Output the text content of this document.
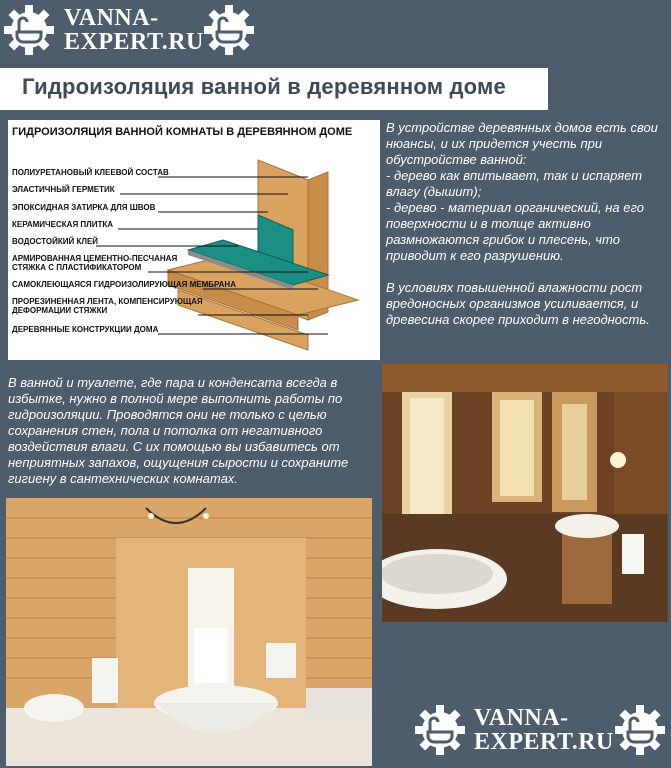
VANNA-
EXPERT.RU
Гидроизоляция ванной в деревянном доме
ГИДРОИЗОЛЯЦИЯ ВАННОЙ КОМНАТЫ В ДЕРЕВЯННОМ ДОМЕ
ПОЛИУРЕТАНОВЫЙ КЛЕЕВОЙ СОСТАВ
ЭЛАСТИЧНЫЙ ГЕРМЕТИК
ЭПОКСИДНАЯ ЗАТИРКА ДЛЯ ШВОВ
КЕРАМИЧЕСКАЯ ПЛИТКА
ВОДОСТОЙКИЙ КЛЕЙ
АРМИРОВАННАЯ ЦЕМЕНТНО-ПЕСЧАНАЯ
СТЯЖКА С ПЛАСТИФИКАТОРОМ
САМОКЛЕЮЩАЯСЯ ГИДРОИЗОЛИРУЮЩАЯ МЕМБРАНА
ПРОРЕЗИНЕННАЯ ЛЕНТА, КОМПЕНСИРУЮЩАЯ
ДЕФОРМАЦИИ СТЯЖКИ
ДЕРЕВЯННЫЕ КОНСТРУКЦИИ ДОМА

В устройстве деревянных домов есть свои нюансы, и их придется учесть при обустройстве ванной:

- дерево как впитывает, так и испаряет влагу (дышит);

- дерево - материал органический, на его поверхности и в толще активно размножаются грибок и плесень, что приводит к его разрушению.

В условиях повышенной влажности рост вредоносных организмов усиливается, и древесина скорее приходит в негодность.

В ванной и туалете, где пара и конденсата всегда в избытке, нужно в полной мере выполнить работы по гидроизоляции. Проводятся они не только с целью сохранения стен, пола и потолка от негативного воздействия влаги. С их помощью вы избавитесь от неприятных запахов, ощущения сырости и сохраните гигиену в сантехнических комнатах.

VANNA-
EXPERT.RU
